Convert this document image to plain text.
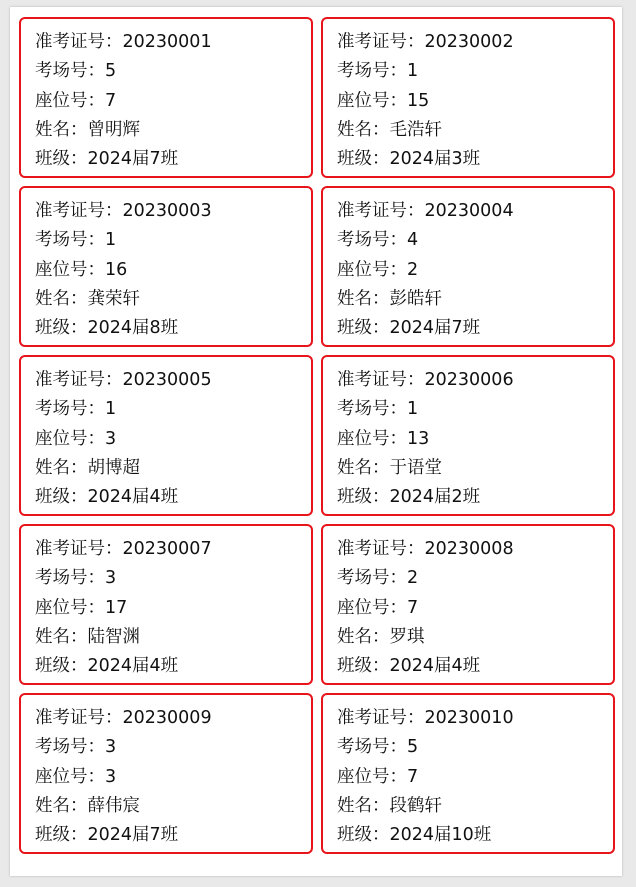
准考证号：20230001
考场号：5
座位号：7
姓名：曾明辉
班级：2024届7班
准考证号：20230002
考场号：1
座位号：15
姓名：毛浩轩
班级：2024届3班
准考证号：20230003
考场号：1
座位号：16
姓名：龚荣轩
班级：2024届8班
准考证号：20230004
考场号：4
座位号：2
姓名：彭皓轩
班级：2024届7班
准考证号：20230005
考场号：1
座位号：3
姓名：胡博超
班级：2024届4班
准考证号：20230006
考场号：1
座位号：13
姓名：于语堂
班级：2024届2班
准考证号：20230007
考场号：3
座位号：17
姓名：陆智渊
班级：2024届4班
准考证号：20230008
考场号：2
座位号：7
姓名：罗琪
班级：2024届4班
准考证号：20230009
考场号：3
座位号：3
姓名：薛伟宸
班级：2024届7班
准考证号：20230010
考场号：5
座位号：7
姓名：段鹤轩
班级：2024届10班
